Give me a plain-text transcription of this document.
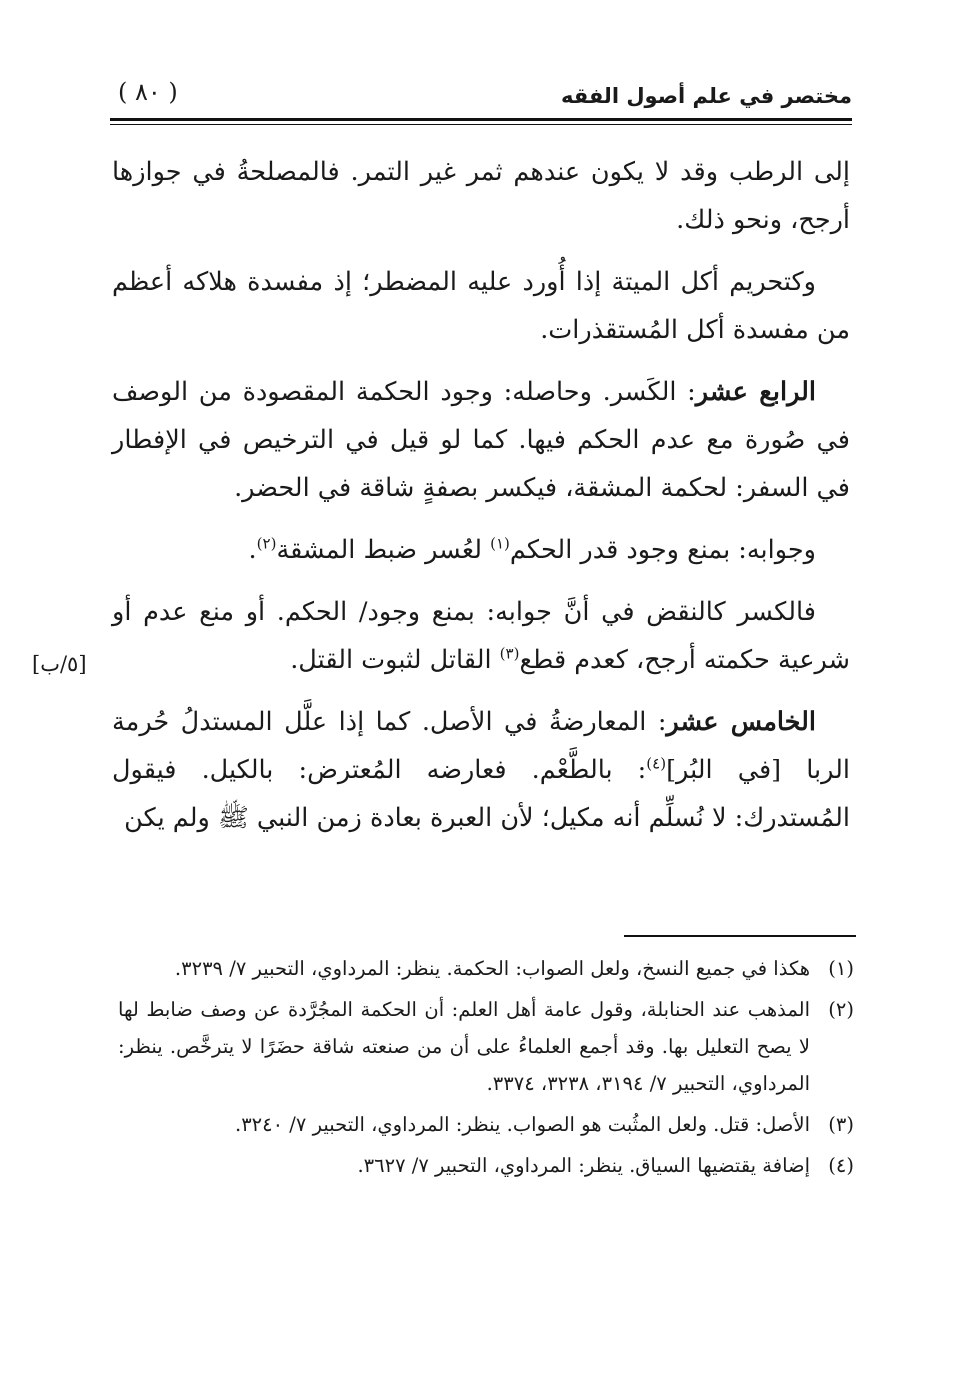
مختصر في علم أصول الفقه
( ٨٠ )
[٥/ب]

إلى الرطب وقد لا يكون عندهم ثمر غير التمر. فالمصلحةُ في جوازها أرجح، ونحو ذلك.

وكتحريم أكل الميتة إذا أُورد عليه المضطر؛ إذ مفسدة هلاكه أعظم من مفسدة أكل المُستقذرات.

الرابع عشر: الكَسر. وحاصله: وجود الحكمة المقصودة من الوصف في صُورة مع عدم الحكم فيها. كما لو قيل في الترخيص في الإفطار في السفر: لحكمة المشقة، فيكسر بصفةٍ شاقة في الحضر.

وجوابه: بمنع وجود قدر الحكم$^{(١)}$ لعُسر ضبط المشقة$^{(٢)}$.

فالكسر كالنقض في أنَّ جوابه: بمنع وجود/ الحكم. أو منع عدم أو شرعية حكمته أرجح، كعدم قطع$^{(٣)}$ القاتل لثبوت القتل.

الخامس عشر: المعارضةُ في الأصل. كما إذا علَّل المستدلُ حُرمة الربا [في البُر]$^{(٤)}$: بالطَّعْم. فعارضه المُعترض: بالكيل. فيقول المُستدرك: لا نُسلِّم أنه مكيل؛ لأن العبرة بعادة زمن النبي ﷺ ولم يكن

(١)
هكذا في جميع النسخ، ولعل الصواب: الحكمة. ينظر: المرداوي، التحبير ٧/ ٣٢٣٩.
(٢)
المذهب عند الحنابلة، وقول عامة أهل العلم: أن الحكمة المجُرَّدة عن وصف ضابط لها لا يصح التعليل بها. وقد أجمع العلماءُ على أن من صنعته شاقة حضَرًا لا يترخَّص. ينظر: المرداوي، التحبير ٧/ ٣١٩٤، ٣٢٣٨، ٣٣٧٤.
(٣)
الأصل: قتل. ولعل المثُبت هو الصواب. ينظر: المرداوي، التحبير ٧/ ٣٢٤٠.
(٤)
إضافة يقتضيها السياق. ينظر: المرداوي، التحبير ٧/ ٣٦٢٧.
